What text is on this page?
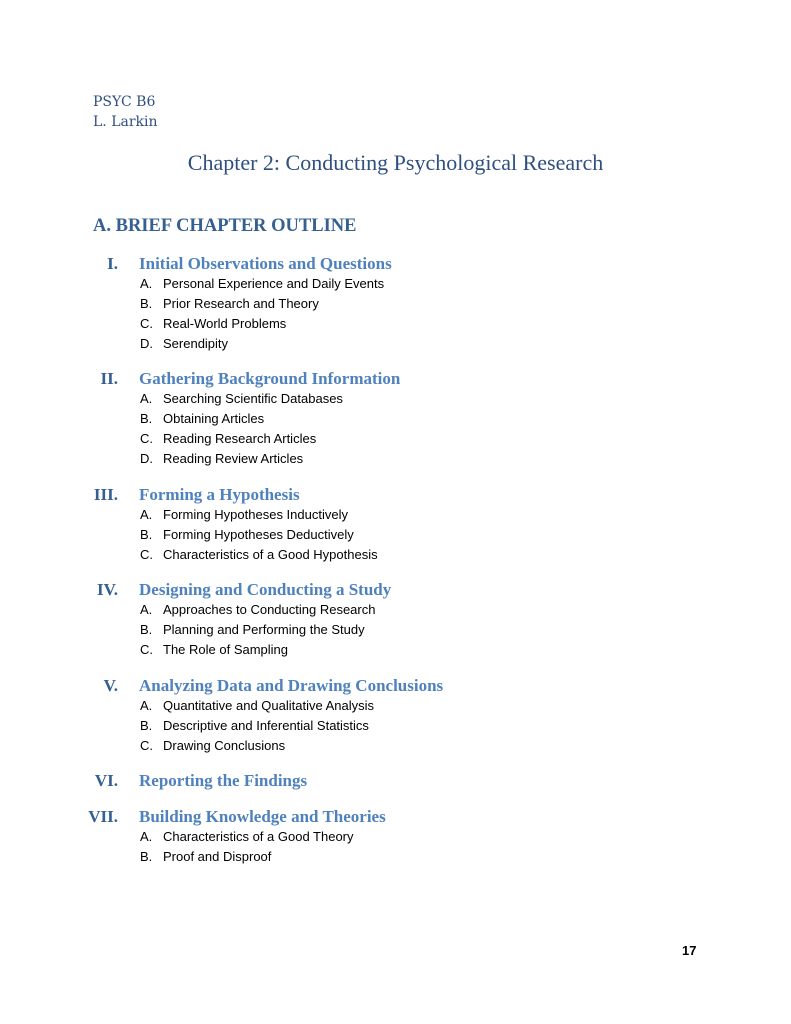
PSYC B6
L. Larkin
Chapter 2: Conducting Psychological Research
A. BRIEF CHAPTER OUTLINE
I. Initial Observations and Questions
A. Personal Experience and Daily Events
B. Prior Research and Theory
C. Real-World Problems
D. Serendipity
II. Gathering Background Information
A. Searching Scientific Databases
B. Obtaining Articles
C. Reading Research Articles
D. Reading Review Articles
III. Forming a Hypothesis
A. Forming Hypotheses Inductively
B. Forming Hypotheses Deductively
C. Characteristics of a Good Hypothesis
IV. Designing and Conducting a Study
A. Approaches to Conducting Research
B. Planning and Performing the Study
C. The Role of Sampling
V. Analyzing Data and Drawing Conclusions
A. Quantitative and Qualitative Analysis
B. Descriptive and Inferential Statistics
C. Drawing Conclusions
VI. Reporting the Findings
VII. Building Knowledge and Theories
A. Characteristics of a Good Theory
B. Proof and Disproof
17
